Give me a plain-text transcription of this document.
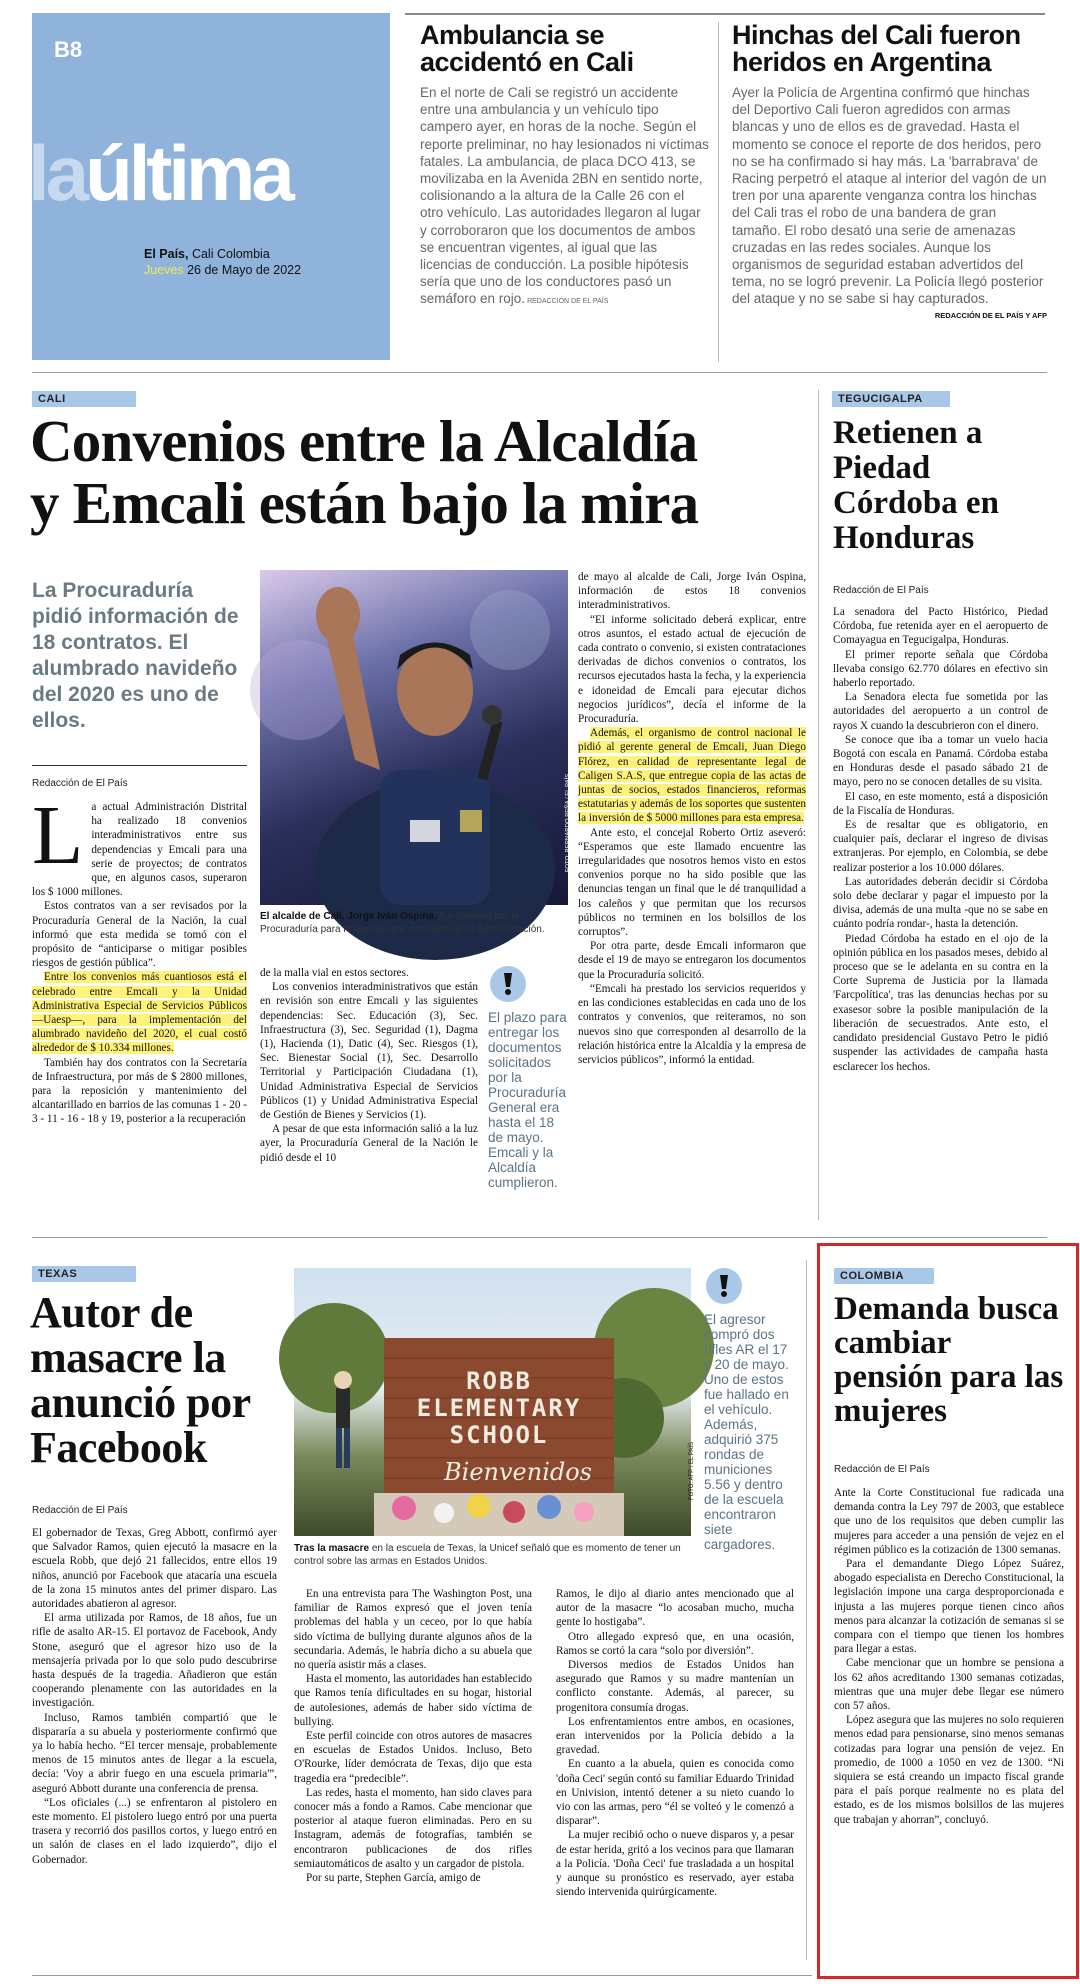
B8
laúltima
El País, Cali Colombia
Jueves 26 de Mayo de 2022
Ambulancia se accidentó en Cali
En el norte de Cali se registró un accidente entre una ambulancia y un vehículo tipo campero ayer, en horas de la noche. Según el reporte preliminar, no hay lesionados ni víctimas fatales. La ambulancia, de placa DCO 413, se movilizaba en la Avenida 2BN en sentido norte, colisionando a la altura de la Calle 26 con el otro vehículo. Las autoridades llegaron al lugar y corroboraron que los documentos de ambos se encuentran vigentes, al igual que las licencias de conducción. La posible hipótesis sería que uno de los conductores pasó un semáforo en rojo. REDACCIÓN DE EL PAÍS
Hinchas del Cali fueron heridos en Argentina
Ayer la Policía de Argentina confirmó que hinchas del Deportivo Cali fueron agredidos con armas blancas y uno de ellos es de gravedad. Hasta el momento se conoce el reporte de dos heridos, pero no se ha confirmado si hay más. La 'barrabrava' de Racing perpetró el ataque al interior del vagón de un tren por una aparente venganza contra los hinchas del Cali tras el robo de una bandera de gran tamaño. El robo desató una serie de amenazas cruzadas en las redes sociales. Aunque los organismos de seguridad estaban advertidos del tema, no se logró prevenir. La Policía llegó posterior del ataque y no se sabe si hay capturados.
REDACCIÓN DE EL PAÍS Y AFP
CALI
Convenios entre la Alcaldía
y Emcali están bajo la mira
La Procuraduría pidió información de 18 contratos. El alumbrado navideño del 2020 es uno de ellos.
Redacción de El País
L a actual Administración Distrital ha realizado 18 convenios interadministrativos entre sus dependencias y Emcali para una serie de proyectos; de contratos que, en algunos casos, superaron los $ 1000 millones.

Estos contratos van a ser revisados por la Procuraduría General de la Nación, la cual informó que esta medida se tomó con el propósito de “anticiparse o mitigar posibles riesgos de gestión pública”.

Entre los convenios más cuantiosos está el celebrado entre Emcali y la Unidad Administrativa Especial de Servicios Públicos —Uaesp—, para la implementación del alumbrado navideño del 2020, el cual costó alrededor de $ 10.334 millones.

También hay dos contratos con la Secretaría de Infraestructura, por más de $ 2800 millones, para la reposición y mantenimiento del alcantarillado en barrios de las comunas 1 - 20 - 3 - 11 - 16 - 18 y 19, posterior a la recuperación

FOTO: BERNARDO PEÑA / EL PAÍS
El alcalde de Cali, Jorge Iván Ospina, fue llamado por la Procuraduría para responder por contratos de la Administración.

de la malla vial en estos sectores.

Los convenios interadministrativos que están en revisión son entre Emcali y las siguientes dependencias: Sec. Educación (3), Sec. Infraestructura (3), Sec. Seguridad (1), Dagma (1), Hacienda (1), Datic (4), Sec. Riesgos (1), Sec. Bienestar Social (1), Sec. Desarrollo Territorial y Participación Ciudadana (1), Unidad Administrativa Especial de Servicios Públicos (1) y Unidad Administrativa Especial de Gestión de Bienes y Servicios (1).

A pesar de que esta información salió a la luz ayer, la Procuraduría General de la Nación le pidió desde el 10

El plazo para entregar los documentos solicitados por la Procuraduría General era hasta el 18 de mayo. Emcali y la Alcaldía cumplieron.

de mayo al alcalde de Cali, Jorge Iván Ospina, información de estos 18 convenios interadministrativos.

“El informe solicitado deberá explicar, entre otros asuntos, el estado actual de ejecución de cada contrato o convenio, si existen contrataciones derivadas de dichos convenios o contratos, los recursos ejecutados hasta la fecha, y la experiencia e idoneidad de Emcali para ejecutar dichos negocios jurídicos”, decía el informe de la Procuraduría.

Además, el organismo de control nacional le pidió al gerente general de Emcali, Juan Diego Flórez, en calidad de representante legal de Caligen S.A.S, que entregue copia de las actas de juntas de socios, estados financieros, reformas estatutarias y además de los soportes que sustenten la inversión de $ 5000 millones para esta empresa.

Ante esto, el concejal Roberto Ortiz aseveró: “Esperamos que este llamado encuentre las irregularidades que nosotros hemos visto en estos convenios porque no ha sido posible que las denuncias tengan un final que le dé tranquilidad a los caleños y que permitan que los recursos públicos no terminen en los bolsillos de los corruptos”.

Por otra parte, desde Emcali informaron que desde el 19 de mayo se entregaron los documentos que la Procuraduría solicitó.

“Emcali ha prestado los servicios requeridos y en las condiciones establecidas en cada uno de los contratos y convenios, que reiteramos, no son nuevos sino que corresponden al desarrollo de la relación histórica entre la Alcaldía y la empresa de servicios públicos”, informó la entidad.

TEGUCIGALPA
Retienen a Piedad Córdoba en Honduras
Redacción de El País

La senadora del Pacto Histórico, Piedad Córdoba, fue retenida ayer en el aeropuerto de Comayagua en Tegucigalpa, Honduras.

El primer reporte señala que Córdoba llevaba consigo 62.770 dólares en efectivo sin haberlo reportado.

La Senadora electa fue sometida por las autoridades del aeropuerto a un control de rayos X cuando la descubrieron con el dinero.

Se conoce que iba a tomar un vuelo hacia Bogotá con escala en Panamá. Córdoba estaba en Honduras desde el pasado sábado 21 de mayo, pero no se conocen detalles de su visita.

El caso, en este momento, está a disposición de la Fiscalía de Honduras.

Es de resaltar que es obligatorio, en cualquier país, declarar el ingreso de divisas extranjeras. Por ejemplo, en Colombia, se debe realizar posterior a los 10.000 dólares.

Las autoridades deberán decidir si Córdoba solo debe declarar y pagar el impuesto por la divisa, además de una multa -que no se sabe en cuánto podría rondar-, hasta la detención.

Piedad Córdoba ha estado en el ojo de la opinión pública en los pasados meses, debido al proceso que se le adelanta en su contra en la Corte Suprema de Justicia por la llamada 'Farcpolítica', tras las denuncias hechas por su exasesor sobre la posible manipulación de la liberación de secuestrados. Ante esto, el candidato presidencial Gustavo Petro le pidió suspender las actividades de campaña hasta esclarecer los hechos.

TEXAS
Autor de masacre la anunció por Facebook
Redacción de El País

El gobernador de Texas, Greg Abbott, confirmó ayer que Salvador Ramos, quien ejecutó la masacre en la escuela Robb, que dejó 21 fallecidos, entre ellos 19 niños, anunció por Facebook que atacaría una escuela de la zona 15 minutos antes del primer disparo. Las autoridades abatieron al agresor.

El arma utilizada por Ramos, de 18 años, fue un rifle de asalto AR-15. El portavoz de Facebook, Andy Stone, aseguró que el agresor hizo uso de la mensajería privada por lo que solo pudo descubrirse hasta después de la tragedia. Añadieron que están cooperando plenamente con las autoridades en la investigación.

Incluso, Ramos también compartió que le dispararía a su abuela y posteriormente confirmó que ya lo había hecho. “El tercer mensaje, probablemente menos de 15 minutos antes de llegar a la escuela, decía: 'Voy a abrir fuego en una escuela primaria'”, aseguró Abbott durante una conferencia de prensa.

“Los oficiales (...) se enfrentaron al pistolero en este momento. El pistolero luego entró por una puerta trasera y recorrió dos pasillos cortos, y luego entró en un salón de clases en el lado izquierdo”, dijo el Gobernador.

ROBB
ELEMENTARY
SCHOOL
Bienvenidos	FOTO: AFP / EL PAÍS
Tras la masacre en la escuela de Texas, la Unicef señaló que es momento de tener un control sobre las armas en Estados Unidos.
El agresor compró dos rifles AR el 17 y 20 de mayo. Uno de estos fue hallado en el vehículo. Además, adquirió 375 rondas de municiones 5.56 y dentro de la escuela encontraron siete cargadores.

En una entrevista para The Washington Post, una familiar de Ramos expresó que el joven tenía problemas del habla y un ceceo, por lo que había sido víctima de bullying durante algunos años de la secundaria. Además, le habría dicho a su abuela que no quería asistir más a clases.

Hasta el momento, las autoridades han establecido que Ramos tenía dificultades en su hogar, historial de autolesiones, además de haber sido víctima de bullying.

Este perfil coincide con otros autores de masacres en escuelas de Estados Unidos. Incluso, Beto O'Rourke, líder demócrata de Texas, dijo que esta tragedia era “predecible”.

Las redes, hasta el momento, han sido claves para conocer más a fondo a Ramos. Cabe mencionar que posterior al ataque fueron eliminadas. Pero en su Instagram, además de fotografías, también se encontraron publicaciones de dos rifles semiautomáticos de asalto y un cargador de pistola.

Por su parte, Stephen García, amigo de

Ramos, le dijo al diario antes mencionado que al autor de la masacre “lo acosaban mucho, mucha gente lo hostigaba”.

Otro allegado expresó que, en una ocasión, Ramos se cortó la cara “solo por diversión”.

Diversos medios de Estados Unidos han asegurado que Ramos y su madre mantenían un conflicto constante. Además, al parecer, su progenitora consumía drogas.

Los enfrentamientos entre ambos, en ocasiones, eran intervenidos por la Policía debido a la gravedad.

En cuanto a la abuela, quien es conocida como 'doña Ceci' según contó su familiar Eduardo Trinidad en Univision, intentó detener a su nieto cuando lo vio con las armas, pero “él se volteó y le comenzó a disparar”.

La mujer recibió ocho o nueve disparos y, a pesar de estar herida, gritó a los vecinos para que llamaran a la Policía. 'Doña Ceci' fue trasladada a un hospital y aunque su pronóstico es reservado, ayer estaba siendo intervenida quirúrgicamente.

COLOMBIA
Demanda busca cambiar pensión para las mujeres
Redacción de El País

Ante la Corte Constitucional fue radicada una demanda contra la Ley 797 de 2003, que establece que uno de los requisitos que deben cumplir las mujeres para acceder a una pensión de vejez en el régimen público es la cotización de 1300 semanas.

Para el demandante Diego López Suárez, abogado especialista en Derecho Constitucional, la legislación impone una carga desproporcionada e injusta a las mujeres porque tienen cinco años menos para alcanzar la cotización de semanas si se compara con el tiempo que tienen los hombres para llegar a estas.

Cabe mencionar que un hombre se pensiona a los 62 años acreditando 1300 semanas cotizadas, mientras que una mujer debe llegar ese número con 57 años.

López asegura que las mujeres no solo requieren menos edad para pensionarse, sino menos semanas cotizadas para lograr una pensión de vejez. En promedio, de 1000 a 1050 en vez de 1300. “Ni siquiera se está creando un impacto fiscal grande para el país porque realmente no es plata del estado, es de los mismos bolsillos de las mujeres que trabajan y ahorran”, concluyó.
